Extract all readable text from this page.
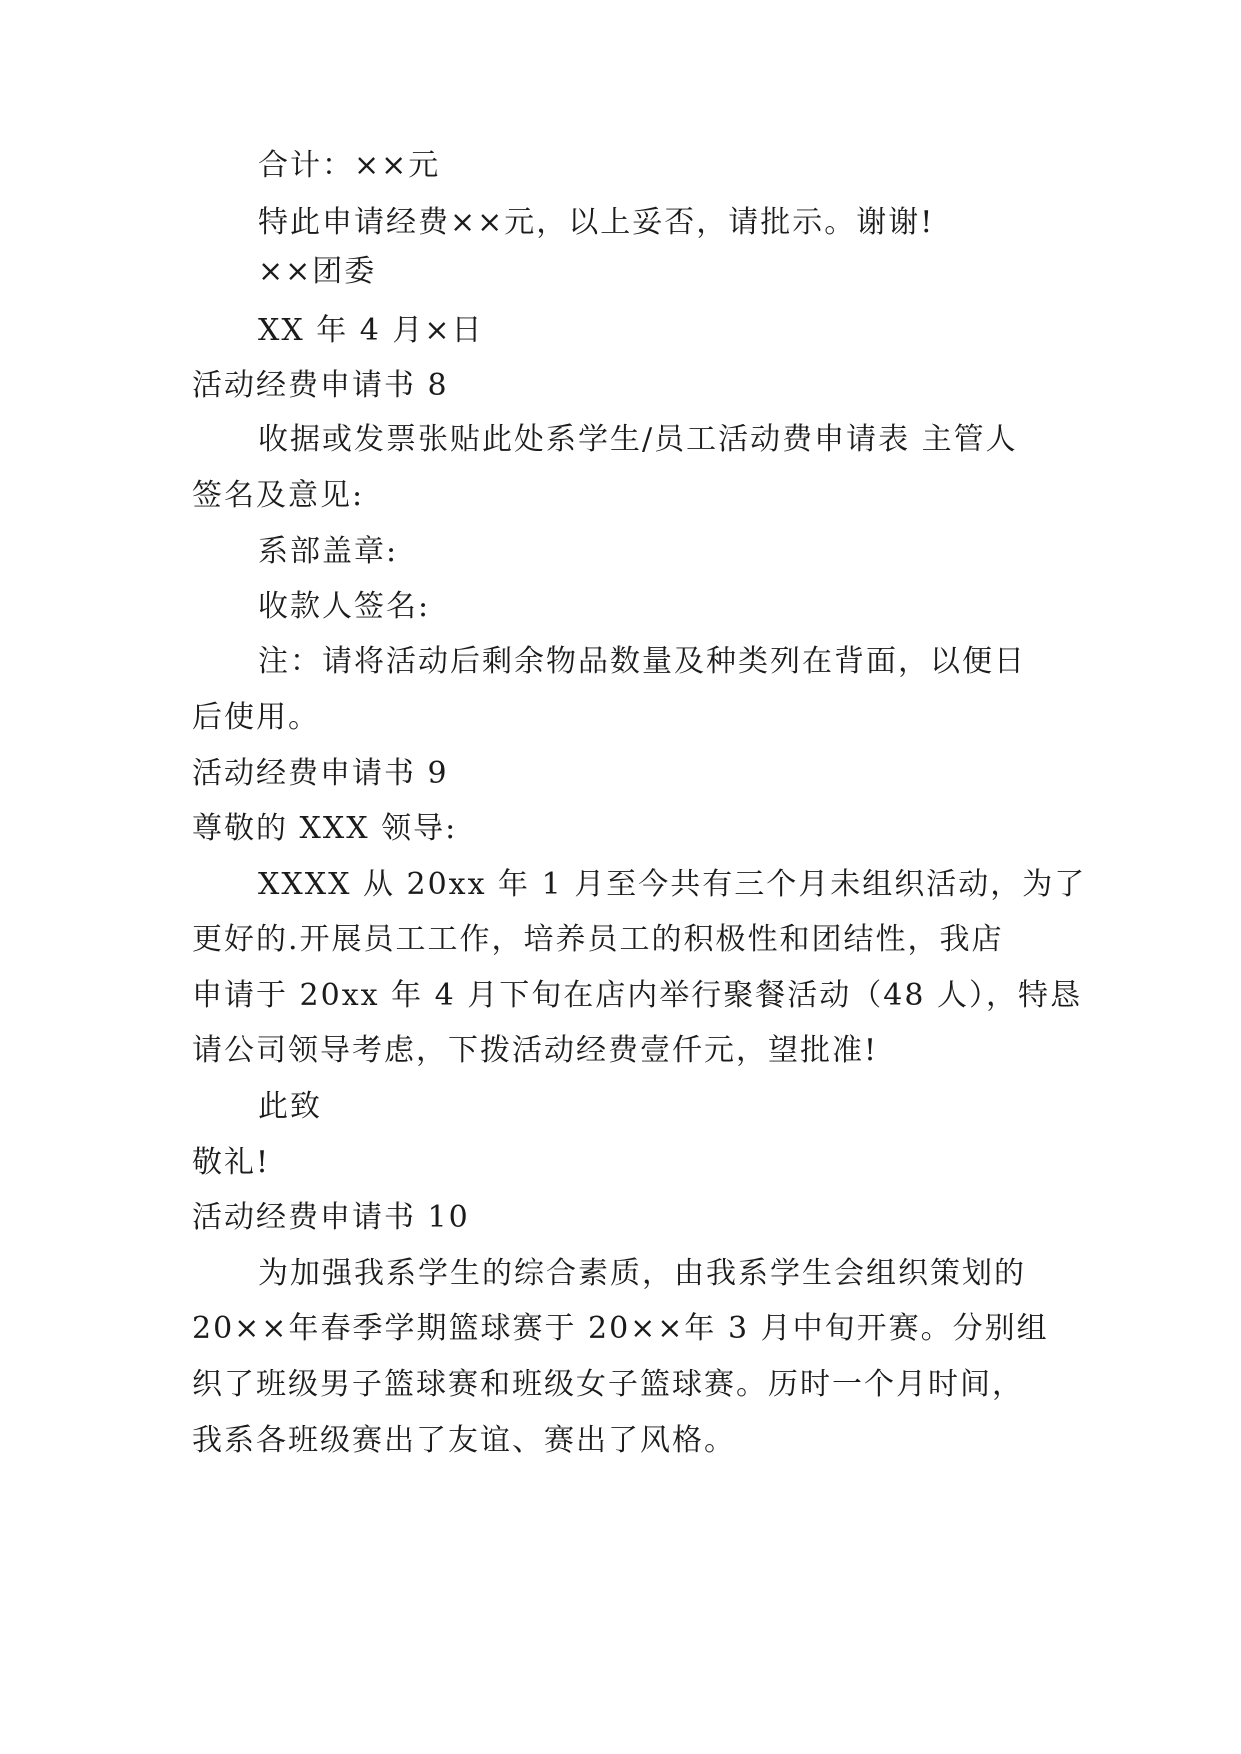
合计：××元
特此申请经费××元，以上妥否，请批示。谢谢!
××团委
XX 年 4 月×日
活动经费申请书 8
收据或发票张贴此处系学生/员工活动费申请表 主管人
签名及意见:
系部盖章:
收款人签名:
注：请将活动后剩余物品数量及种类列在背面，以便日
后使用。
活动经费申请书 9
尊敬的 XXX 领导:
XXXX 从 20xx 年 1 月至今共有三个月未组织活动，为了
更好的.开展员工工作，培养员工的积极性和团结性，我店
申请于 20xx 年 4 月下旬在店内举行聚餐活动（48 人），特恳
请公司领导考虑，下拨活动经费壹仟元，望批准!
此致
敬礼!
活动经费申请书 10
为加强我系学生的综合素质，由我系学生会组织策划的
20××年春季学期篮球赛于 20××年 3 月中旬开赛。分别组
织了班级男子篮球赛和班级女子篮球赛。历时一个月时间，
我系各班级赛出了友谊、赛出了风格。
